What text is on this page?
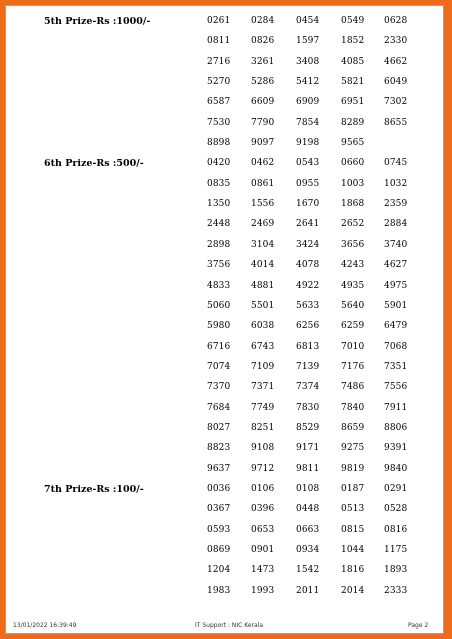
5th Prize-Rs :1000/-	0261 0284 0454 0549 0628
0811 0826 1597 1852 2330
2716 3261 3408 4085 4662
5270 5286 5412 5821 6049
6587 6609 6909 6951 7302
7530 7790 7854 8289 8655
8898 9097 9198 9565
6th Prize-Rs :500/-	0420 0462 0543 0660 0745
0835 0861 0955 1003 1032
1350 1556 1670 1868 2359
2448 2469 2641 2652 2884
2898 3104 3424 3656 3740
3756 4014 4078 4243 4627
4833 4881 4922 4935 4975
5060 5501 5633 5640 5901
5980 6038 6256 6259 6479
6716 6743 6813 7010 7068
7074 7109 7139 7176 7351
7370 7371 7374 7486 7556
7684 7749 7830 7840 7911
8027 8251 8529 8659 8806
8823 9108 9171 9275 9391
9637 9712 9811 9819 9840
7th Prize-Rs :100/-	0036 0106 0108 0187 0291
0367 0396 0448 0513 0528
0593 0653 0663 0815 0816
0869 0901 0934 1044 1175
1204 1473 1542 1816 1893
1983 1993 2011 2014 2333
13/01/2022 16:39:49	IT Support : NIC Kerala	Page 2
